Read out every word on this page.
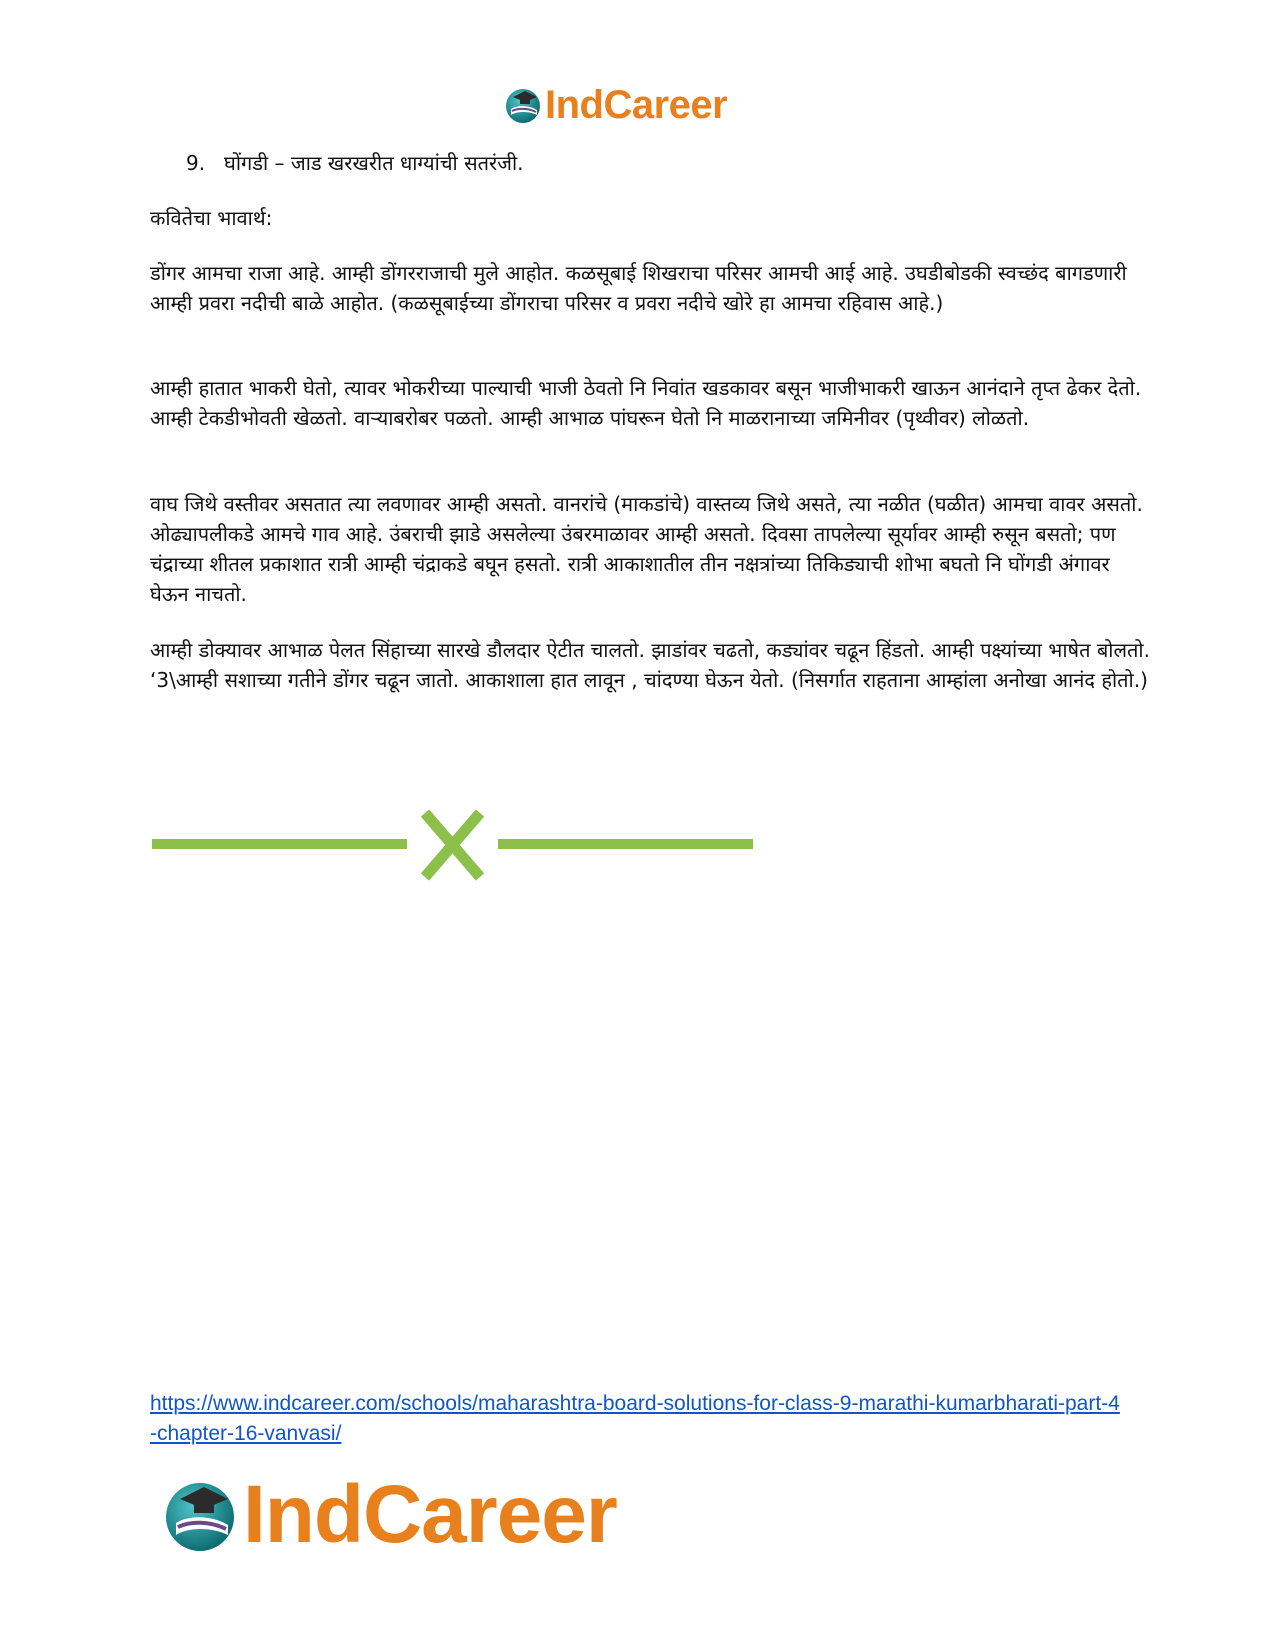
IndCareer
9. घोंगडी – जाड खरखरीत धाग्यांची सतरंजी.
कवितेचा भावार्थ:

डोंगर आमचा राजा आहे. आम्ही डोंगरराजाची मुले आहोत. कळसूबाई शिखराचा परिसर आमची आई आहे. उघडीबोडकी स्वच्छंद बागडणारी आम्ही प्रवरा नदीची बाळे आहोत. (कळसूबाईच्या डोंगराचा परिसर व प्रवरा नदीचे खोरे हा आमचा रहिवास आहे.)

आम्ही हातात भाकरी घेतो, त्यावर भोकरीच्या पाल्याची भाजी ठेवतो नि निवांत खडकावर बसून भाजीभाकरी खाऊन आनंदाने तृप्त ढेकर देतो. आम्ही टेकडीभोवती खेळतो. वाऱ्याबरोबर पळतो. आम्ही आभाळ पांघरून घेतो नि माळरानाच्या जमिनीवर (पृथ्वीवर) लोळतो.

वाघ जिथे वस्तीवर असतात त्या लवणावर आम्ही असतो. वानरांचे (माकडांचे) वास्तव्य जिथे असते, त्या नळीत (घळीत) आमचा वावर असतो. ओढ्यापलीकडे आमचे गाव आहे. उंबराची झाडे असलेल्या उंबरमाळावर आम्ही असतो. दिवसा तापलेल्या सूर्यावर आम्ही रुसून बसतो; पण चंद्राच्या शीतल प्रकाशात रात्री आम्ही चंद्राकडे बघून हसतो. रात्री आकाशातील तीन नक्षत्रांच्या तिकिड्याची शोभा बघतो नि घोंगडी अंगावर घेऊन नाचतो.

आम्ही डोक्यावर आभाळ पेलत सिंहाच्या सारखे डौलदार ऐटीत चालतो. झाडांवर चढतो, कड्यांवर चढून हिंडतो. आम्ही पक्ष्यांच्या भाषेत बोलतो. ‘3\आम्ही सशाच्या गतीने डोंगर चढून जातो. आकाशाला हात लावून , चांदण्या घेऊन येतो. (निसर्गात राहताना आम्हांला अनोखा आनंद होतो.)

https://www.indcareer.com/schools/maharashtra-board-solutions-for-class-9-marathi-kumarbharati-part-4-chapter-16-vanvasi/
IndCareer
